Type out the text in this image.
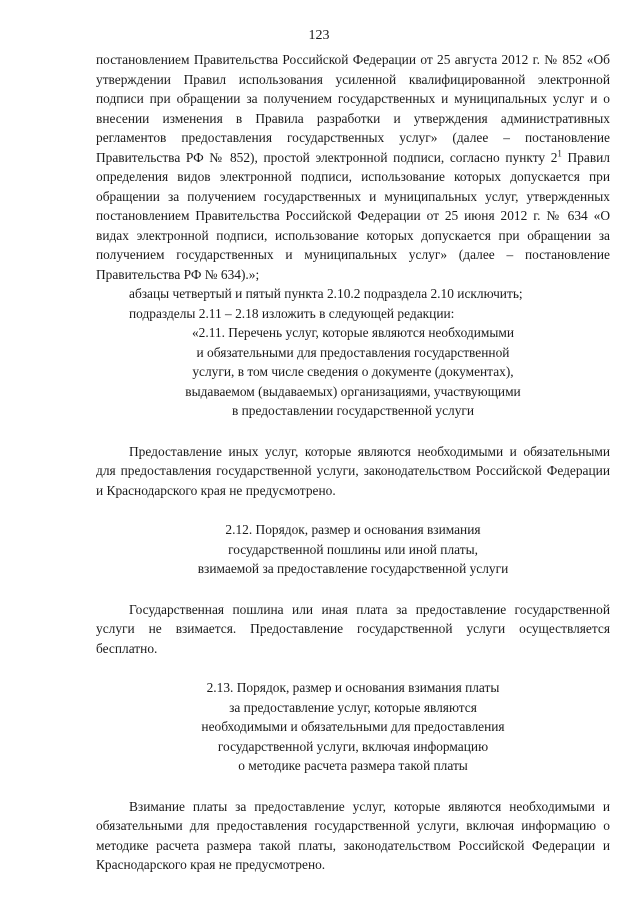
123

постановлением Правительства Российской Федерации от 25 августа 2012 г. № 852 «Об утверждении Правил использования усиленной квалифицированной электронной подписи при обращении за получением государственных и муниципальных услуг и о внесении изменения в Правила разработки и утверждения административных регламентов предоставления государственных услуг» (далее – постановление Правительства РФ № 852), простой электронной подписи, согласно пункту $2^1$ Правил определения видов электронной подписи, использование которых допускается при обращении за получением государственных и муниципальных услуг, утвержденных постановлением Правительства Российской Федерации от 25 июня 2012 г. № 634 «О видах электронной подписи, использование которых допускается при обращении за получением государственных и муниципальных услуг» (далее – постановление Правительства РФ № 634).»;

абзацы четвертый и пятый пункта 2.10.2 подраздела 2.10 исключить;

подразделы 2.11 – 2.18 изложить в следующей редакции:

«2.11. Перечень услуг, которые являются необходимыми

и обязательными для предоставления государственной

услуги, в том числе сведения о документе (документах),

выдаваемом (выдаваемых) организациями, участвующими

в предоставлении государственной услуги

Предоставление иных услуг, которые являются необходимыми и обязательными для предоставления государственной услуги, законодательством Российской Федерации и Краснодарского края не предусмотрено.

2.12. Порядок, размер и основания взимания

государственной пошлины или иной платы,

взимаемой за предоставление государственной услуги

Государственная пошлина или иная плата за предоставление государственной услуги не взимается. Предоставление государственной услуги осуществляется бесплатно.

2.13. Порядок, размер и основания взимания платы

за предоставление услуг, которые являются

необходимыми и обязательными для предоставления

государственной услуги, включая информацию

о методике расчета размера такой платы

Взимание платы за предоставление услуг, которые являются необходимыми и обязательными для предоставления государственной услуги, включая информацию о методике расчета размера такой платы, законодательством Российской Федерации и Краснодарского края не предусмотрено.
